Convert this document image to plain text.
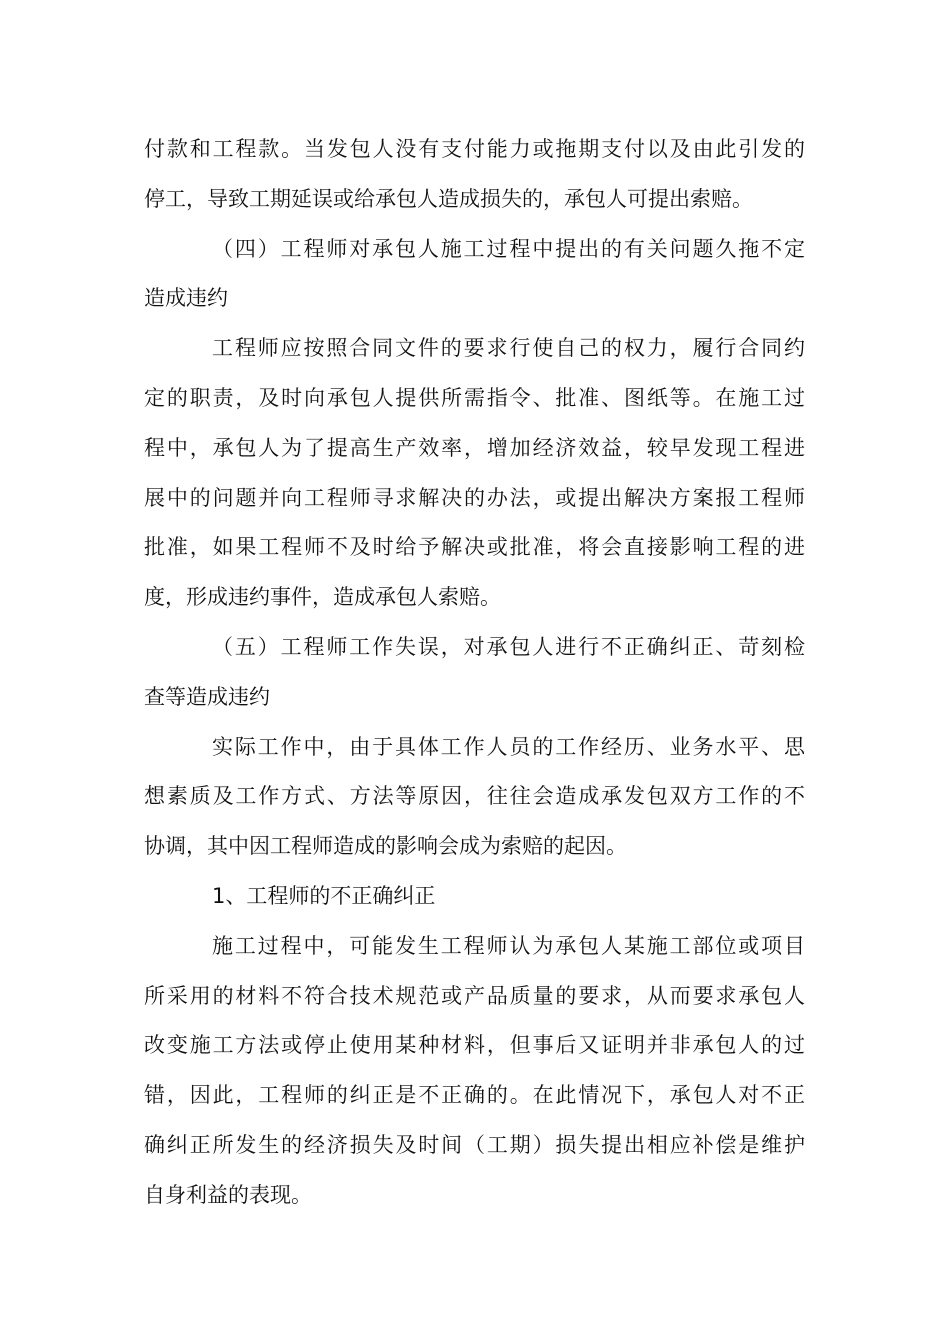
付款和工程款。当发包人没有支付能力或拖期支付以及由此引发的
停工，导致工期延误或给承包人造成损失的，承包人可提出索赔。
（四）工程师对承包人施工过程中提出的有关问题久拖不定
造成违约
工程师应按照合同文件的要求行使自己的权力，履行合同约
定的职责，及时向承包人提供所需指令、批准、图纸等。在施工过
程中，承包人为了提高生产效率，增加经济效益，较早发现工程进
展中的问题并向工程师寻求解决的办法，或提出解决方案报工程师
批准，如果工程师不及时给予解决或批准，将会直接影响工程的进
度，形成违约事件，造成承包人索赔。
（五）工程师工作失误，对承包人进行不正确纠正、苛刻检
查等造成违约
实际工作中，由于具体工作人员的工作经历、业务水平、思
想素质及工作方式、方法等原因，往往会造成承发包双方工作的不
协调，其中因工程师造成的影响会成为索赔的起因。
1、工程师的不正确纠正
施工过程中，可能发生工程师认为承包人某施工部位或项目
所采用的材料不符合技术规范或产品质量的要求，从而要求承包人
改变施工方法或停止使用某种材料，但事后又证明并非承包人的过
错，因此，工程师的纠正是不正确的。在此情况下，承包人对不正
确纠正所发生的经济损失及时间（工期）损失提出相应补偿是维护
自身利益的表现。
